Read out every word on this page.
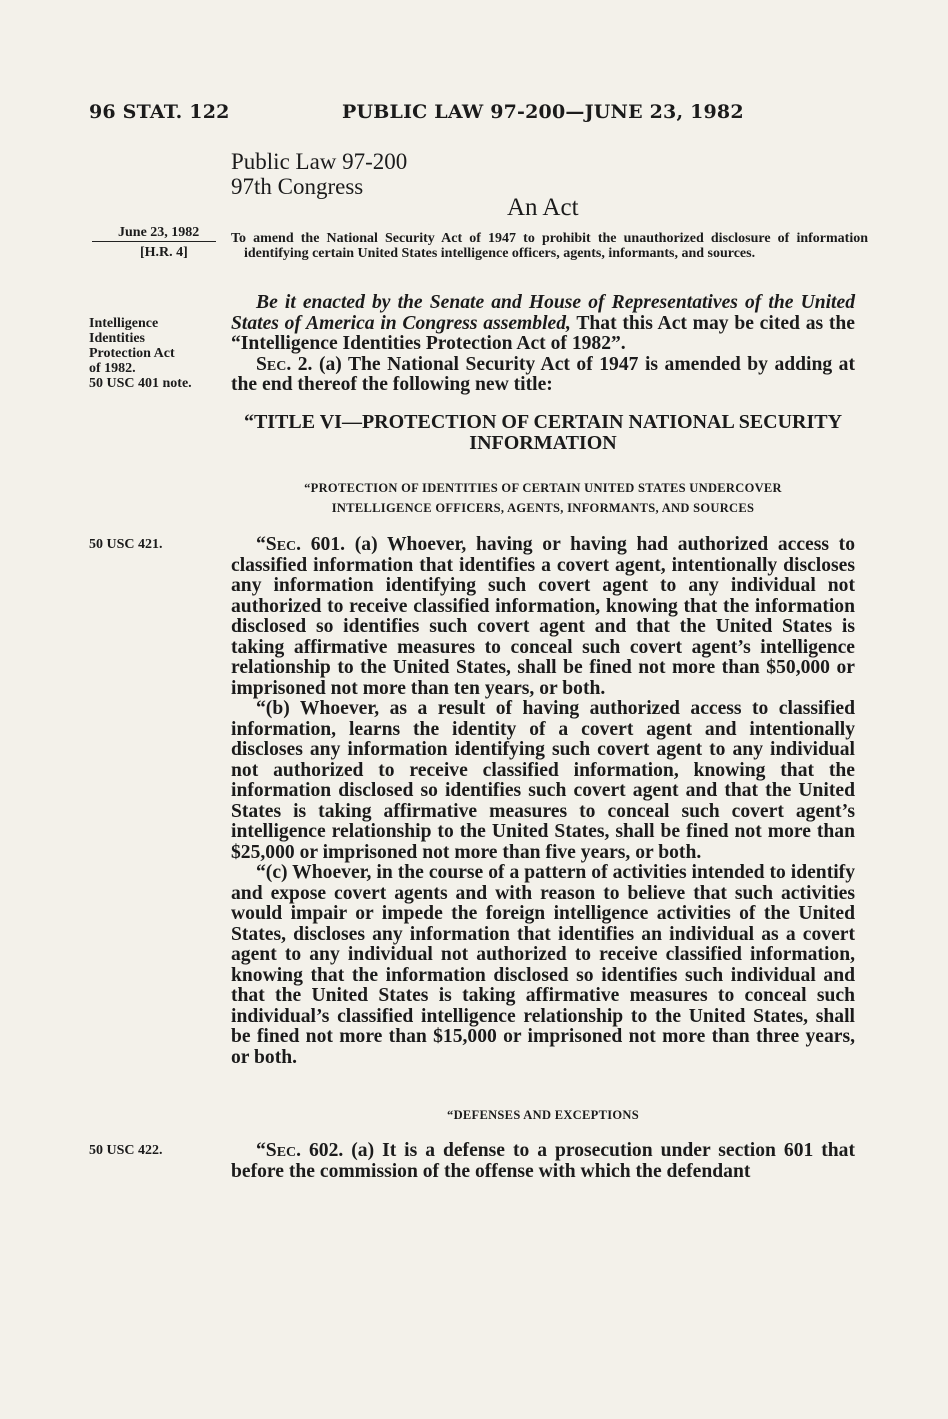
96 STAT. 122	PUBLIC LAW 97-200—JUNE 23, 1982
Public Law 97-200
97th Congress
An Act
June 23, 1982
[H.R. 4]
To amend the National Security Act of 1947 to prohibit the unauthorized disclosure of information identifying certain United States intelligence officers, agents, informants, and sources.
Intelligence
Identities
Protection Act
of 1982.
50 USC 401 note.

Be it enacted by the Senate and House of Representatives of the United States of America in Congress assembled, That this Act may be cited as the “Intelligence Identities Protection Act of 1982”.

Sec. 2. (a) The National Security Act of 1947 is amended by adding at the end thereof the following new title:

“TITLE VI—PROTECTION OF CERTAIN NATIONAL SECURITY INFORMATION
“PROTECTION OF IDENTITIES OF CERTAIN UNITED STATES UNDERCOVER
INTELLIGENCE OFFICERS, AGENTS, INFORMANTS, AND SOURCES
50 USC 421.	“Sec. 601. (a) Whoever, having or having had authorized access to classified information that identifies a covert agent, intentionally discloses any information identifying such covert agent to any individual not authorized to receive classified information, knowing that the information disclosed so identifies such covert agent and that the United States is taking affirmative measures to conceal such covert agent’s intelligence relationship to the United States, shall be fined not more than $50,000 or imprisoned not more than ten years, or both.

“(b) Whoever, as a result of having authorized access to classified information, learns the identity of a covert agent and intentionally discloses any information identifying such covert agent to any individual not authorized to receive classified information, knowing that the information disclosed so identifies such covert agent and that the United States is taking affirmative measures to conceal such covert agent’s intelligence relationship to the United States, shall be fined not more than $25,000 or imprisoned not more than five years, or both.

“(c) Whoever, in the course of a pattern of activities intended to identify and expose covert agents and with reason to believe that such activities would impair or impede the foreign intelligence activities of the United States, discloses any information that identifies an individual as a covert agent to any individual not authorized to receive classified information, knowing that the information disclosed so identifies such individual and that the United States is taking affirmative measures to conceal such individual’s classified intelligence relationship to the United States, shall be fined not more than $15,000 or imprisoned not more than three years, or both.

“DEFENSES AND EXCEPTIONS
50 USC 422.	“Sec. 602. (a) It is a defense to a prosecution under section 601 that before the commission of the offense with which the defendant
